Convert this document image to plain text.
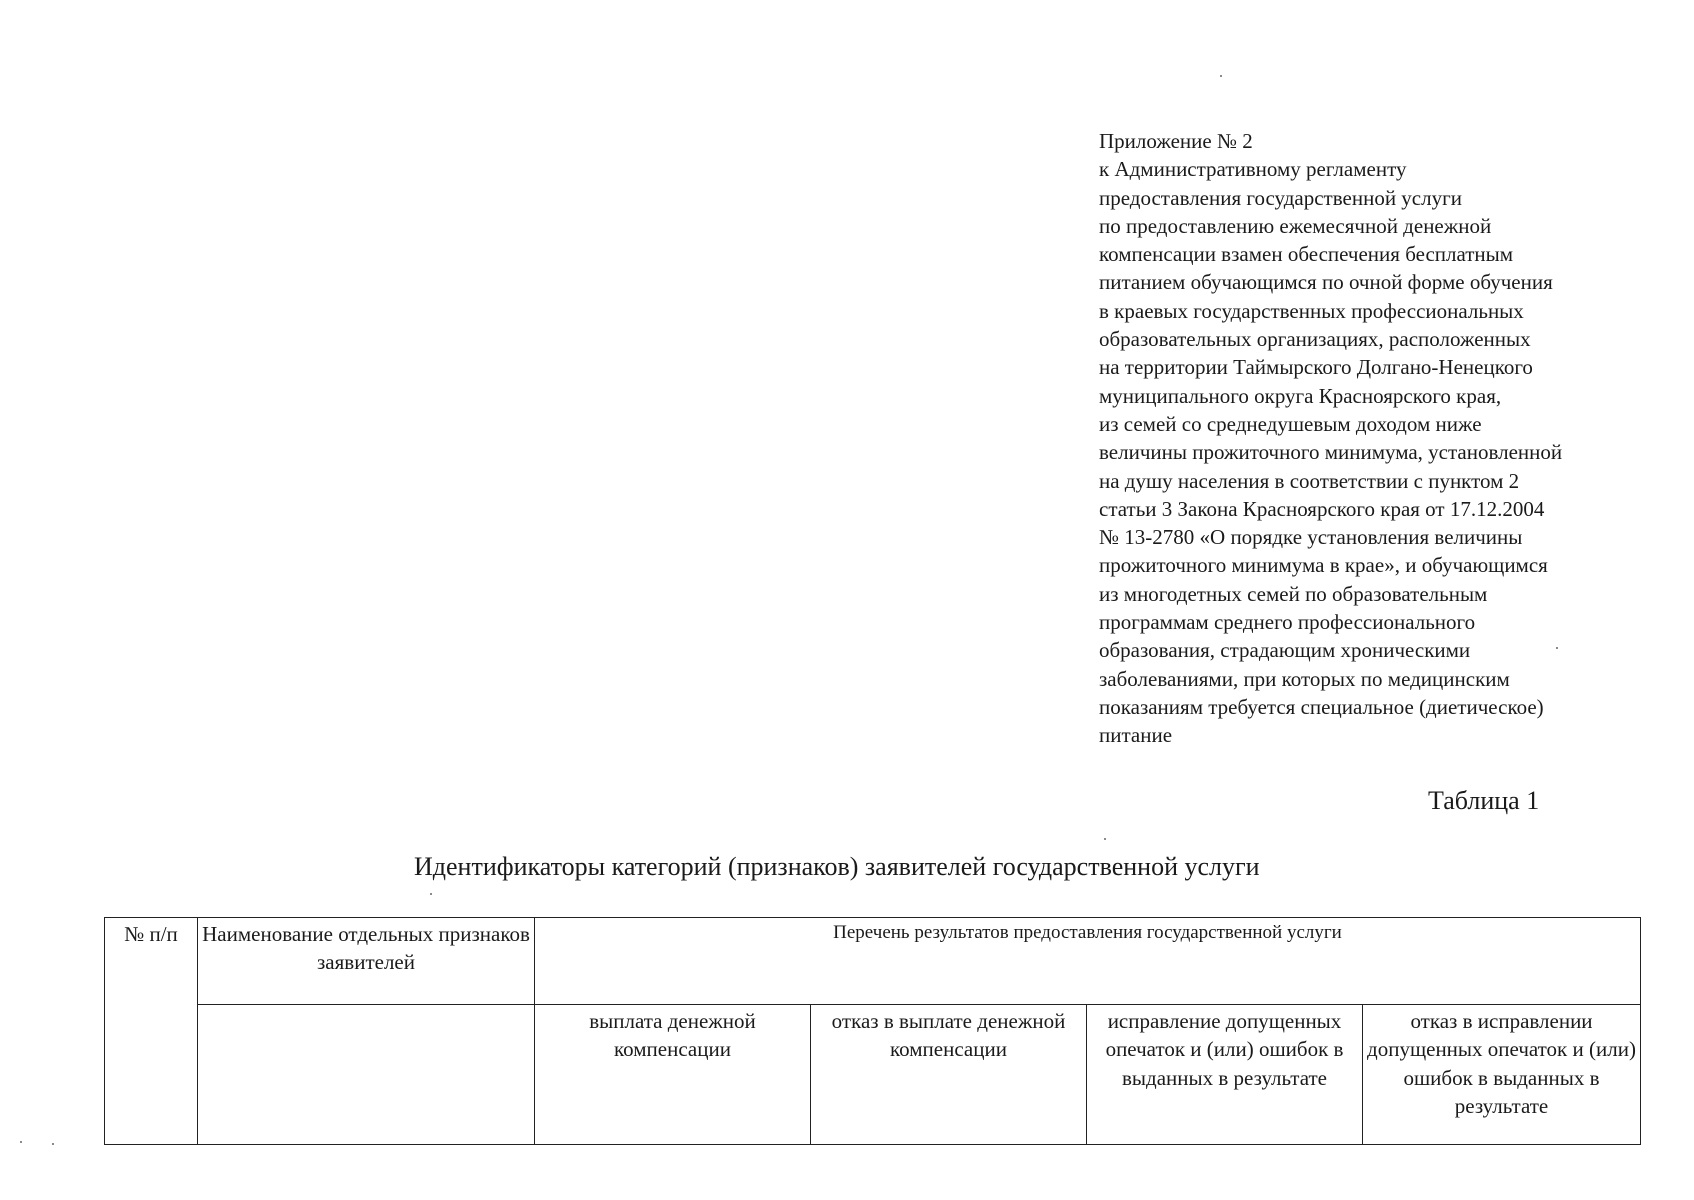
Приложение № 2
к Административному регламенту
предоставления государственной услуги
по предоставлению ежемесячной денежной
компенсации взамен обеспечения бесплатным
питанием обучающимся по очной форме обучения
в краевых государственных профессиональных
образовательных организациях, расположенных
на территории Таймырского Долгано-Ненецкого
муниципального округа Красноярского края,
из семей со среднедушевым доходом ниже
величины прожиточного минимума, установленной
на душу населения в соответствии с пунктом 2
статьи 3 Закона Красноярского края от 17.12.2004
№ 13-2780 «О порядке установления величины
прожиточного минимума в крае», и обучающимся
из многодетных семей по образовательным
программам среднего профессионального
образования, страдающим хроническими
заболеваниями, при которых по медицинским
показаниям требуется специальное (диетическое)
питание
Таблица 1
Идентификаторы категорий (признаков) заявителей государственной услуги
№ п/п	Наименование отдельных признаков заявителей	Перечень результатов предоставления государственной услуги			
		выплата денежной компенсации	отказ в выплате денежной компенсации	исправление допущенных опечаток и (или) ошибок в выданных в результате	отказ в исправлении допущенных опечаток и (или) ошибок в выданных в результате
